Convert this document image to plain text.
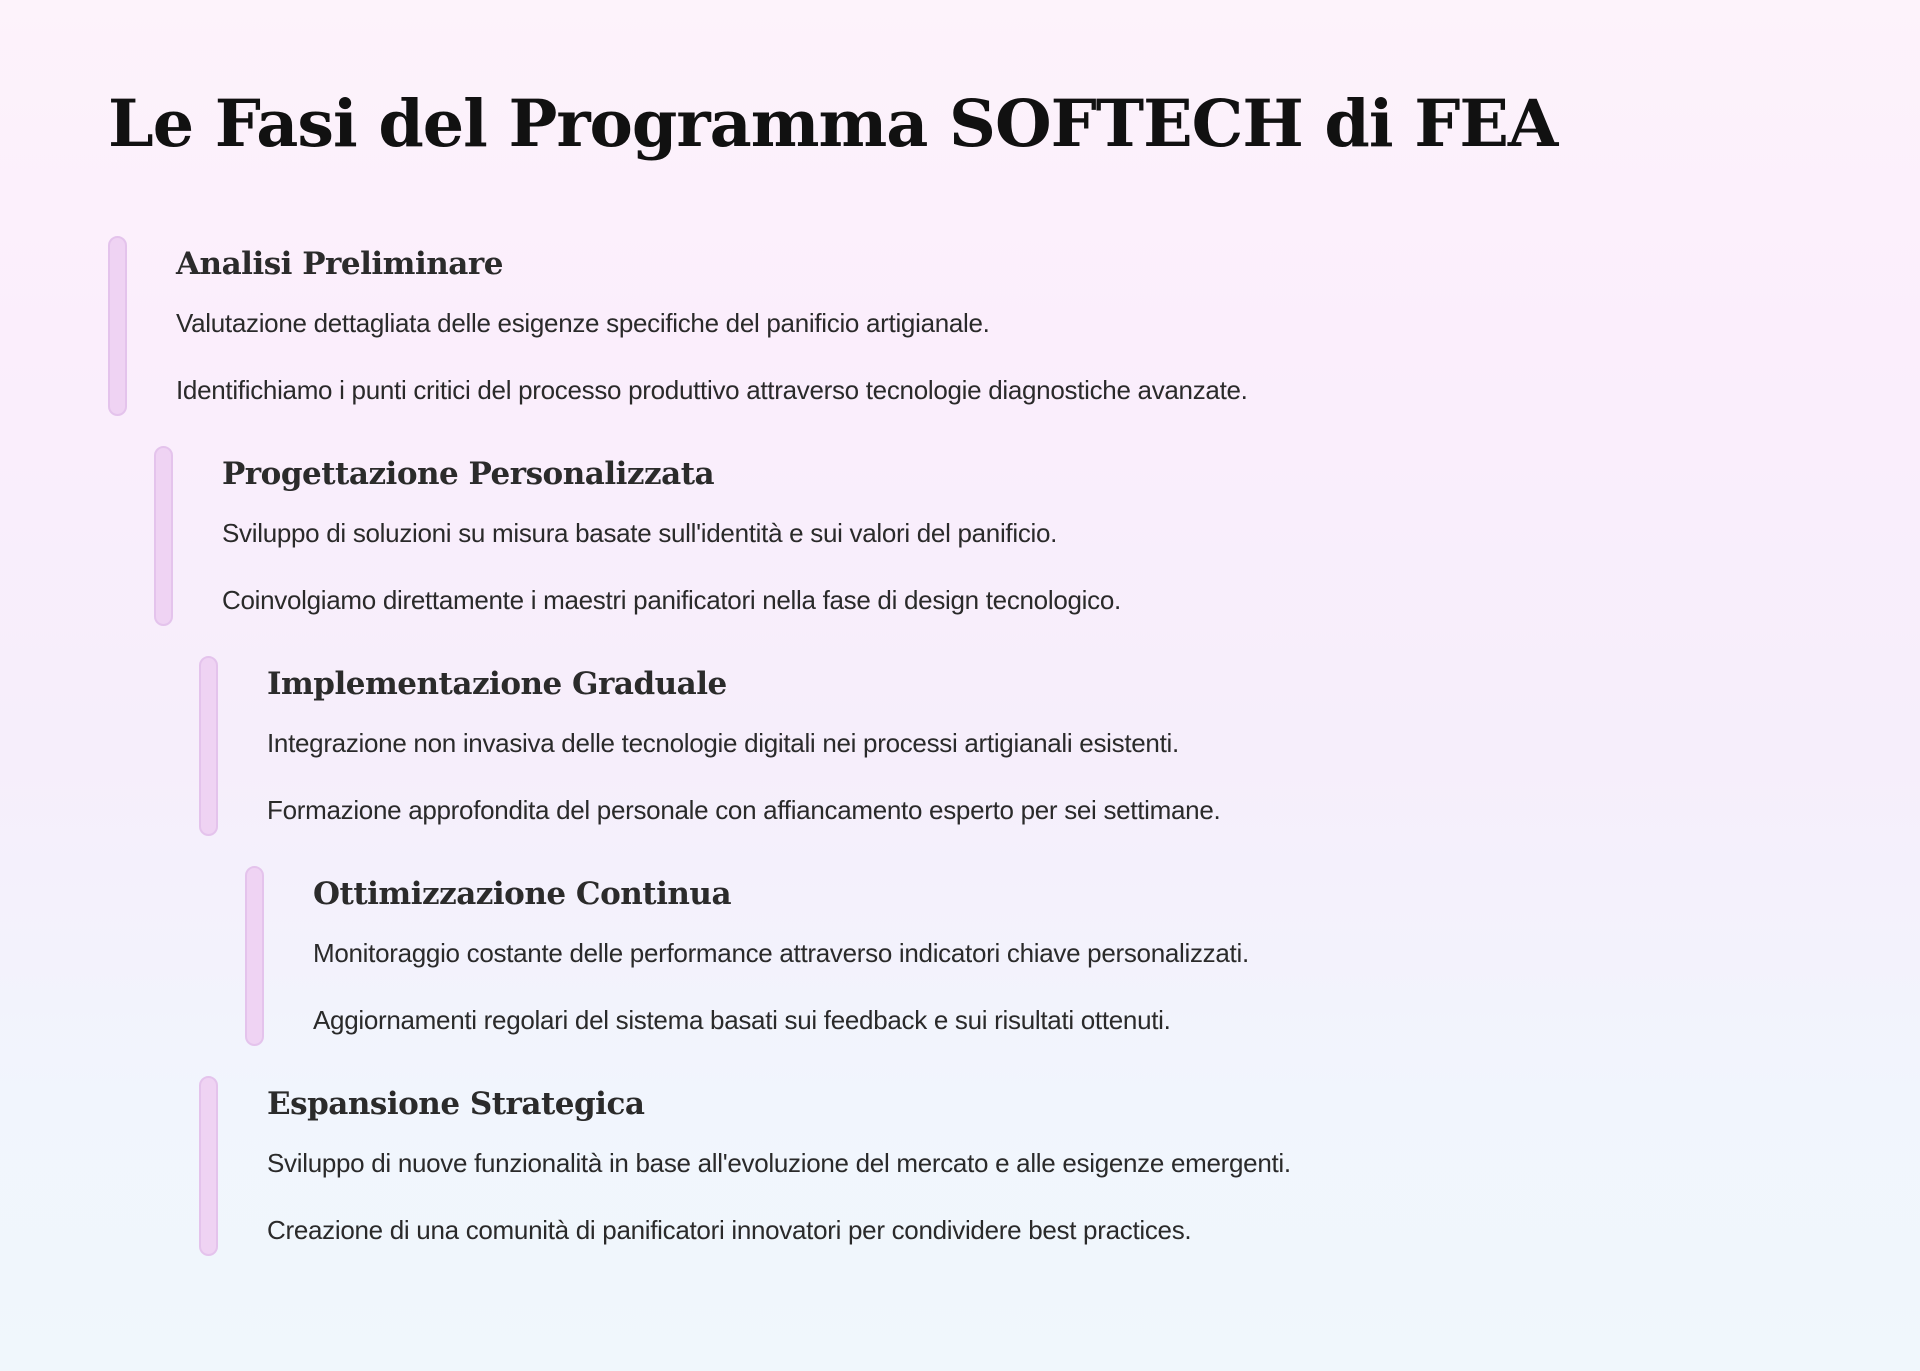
Le Fasi del Programma SOFTECH di FEA
Analisi Preliminare

Valutazione dettagliata delle esigenze specifiche del panificio artigianale.

Identifichiamo i punti critici del processo produttivo attraverso tecnologie diagnostiche avanzate.

Progettazione Personalizzata

Sviluppo di soluzioni su misura basate sull'identità e sui valori del panificio.

Coinvolgiamo direttamente i maestri panificatori nella fase di design tecnologico.

Implementazione Graduale

Integrazione non invasiva delle tecnologie digitali nei processi artigianali esistenti.

Formazione approfondita del personale con affiancamento esperto per sei settimane.

Ottimizzazione Continua

Monitoraggio costante delle performance attraverso indicatori chiave personalizzati.

Aggiornamenti regolari del sistema basati sui feedback e sui risultati ottenuti.

Espansione Strategica

Sviluppo di nuove funzionalità in base all'evoluzione del mercato e alle esigenze emergenti.

Creazione di una comunità di panificatori innovatori per condividere best practices.
